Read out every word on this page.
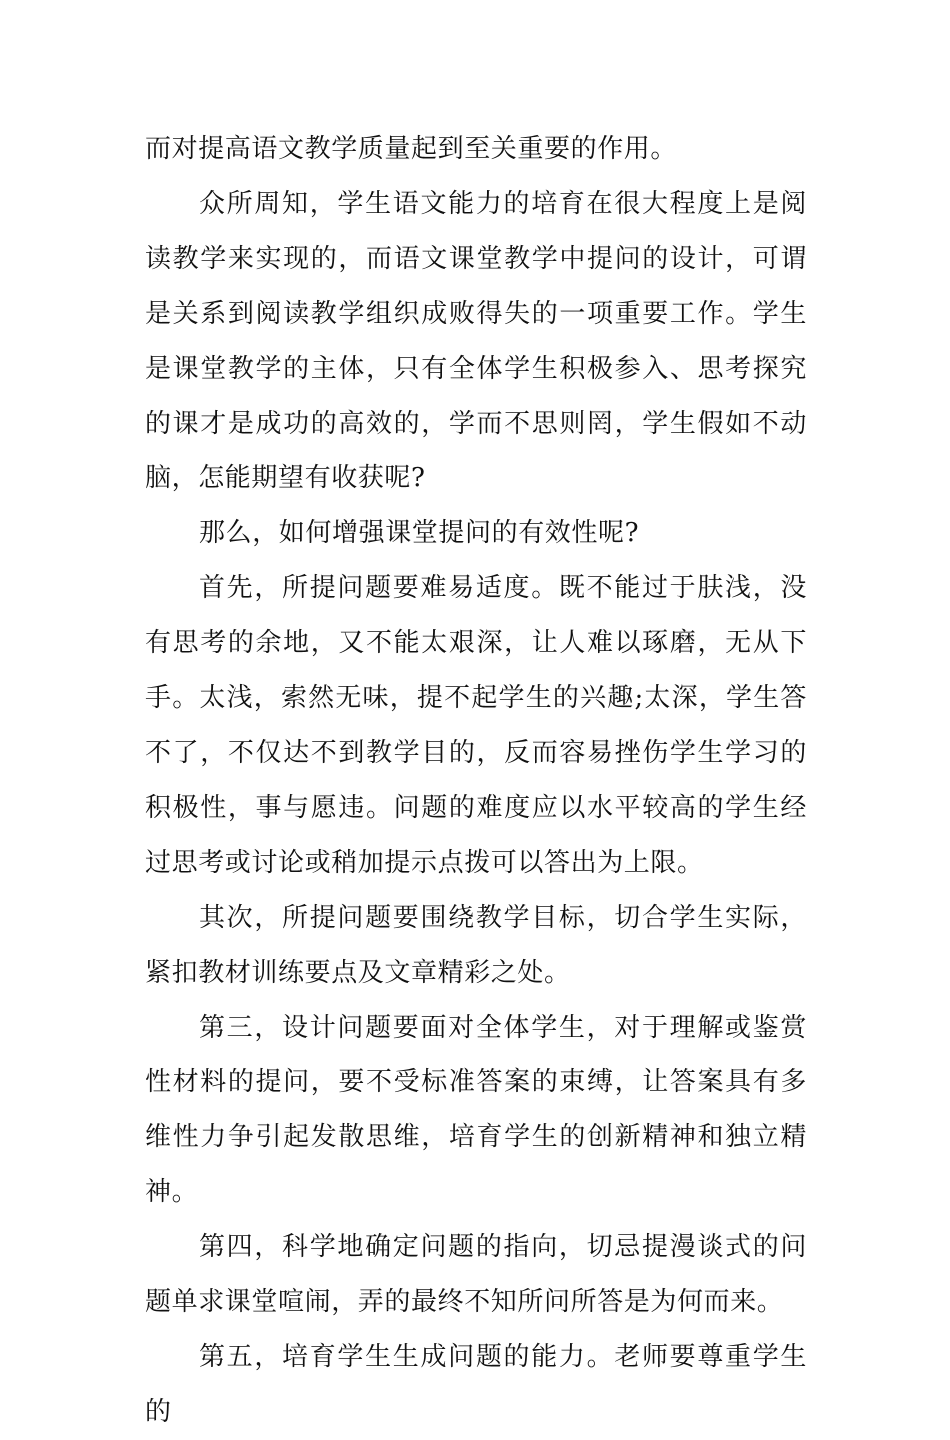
而对提高语文教学质量起到至关重要的作用。

众所周知，学生语文能力的培育在很大程度上是阅读教学来实现的，而语文课堂教学中提问的设计，可谓是关系到阅读教学组织成败得失的一项重要工作。学生是课堂教学的主体，只有全体学生积极参入、思考探究的课才是成功的高效的，学而不思则罔，学生假如不动脑，怎能期望有收获呢?

那么，如何增强课堂提问的有效性呢?

首先，所提问题要难易适度。既不能过于肤浅，没有思考的余地，又不能太艰深，让人难以琢磨，无从下手。太浅，索然无味，提不起学生的兴趣;太深，学生答不了，不仅达不到教学目的，反而容易挫伤学生学习的积极性，事与愿违。问题的难度应以水平较高的学生经过思考或讨论或稍加提示点拨可以答出为上限。

其次，所提问题要围绕教学目标，切合学生实际，紧扣教材训练要点及文章精彩之处。

第三，设计问题要面对全体学生，对于理解或鉴赏性材料的提问，要不受标准答案的束缚，让答案具有多维性力争引起发散思维，培育学生的创新精神和独立精神。

第四，科学地确定问题的指向，切忌提漫谈式的问题单求课堂喧闹，弄的最终不知所问所答是为何而来。

第五，培育学生生成问题的能力。老师要尊重学生的
